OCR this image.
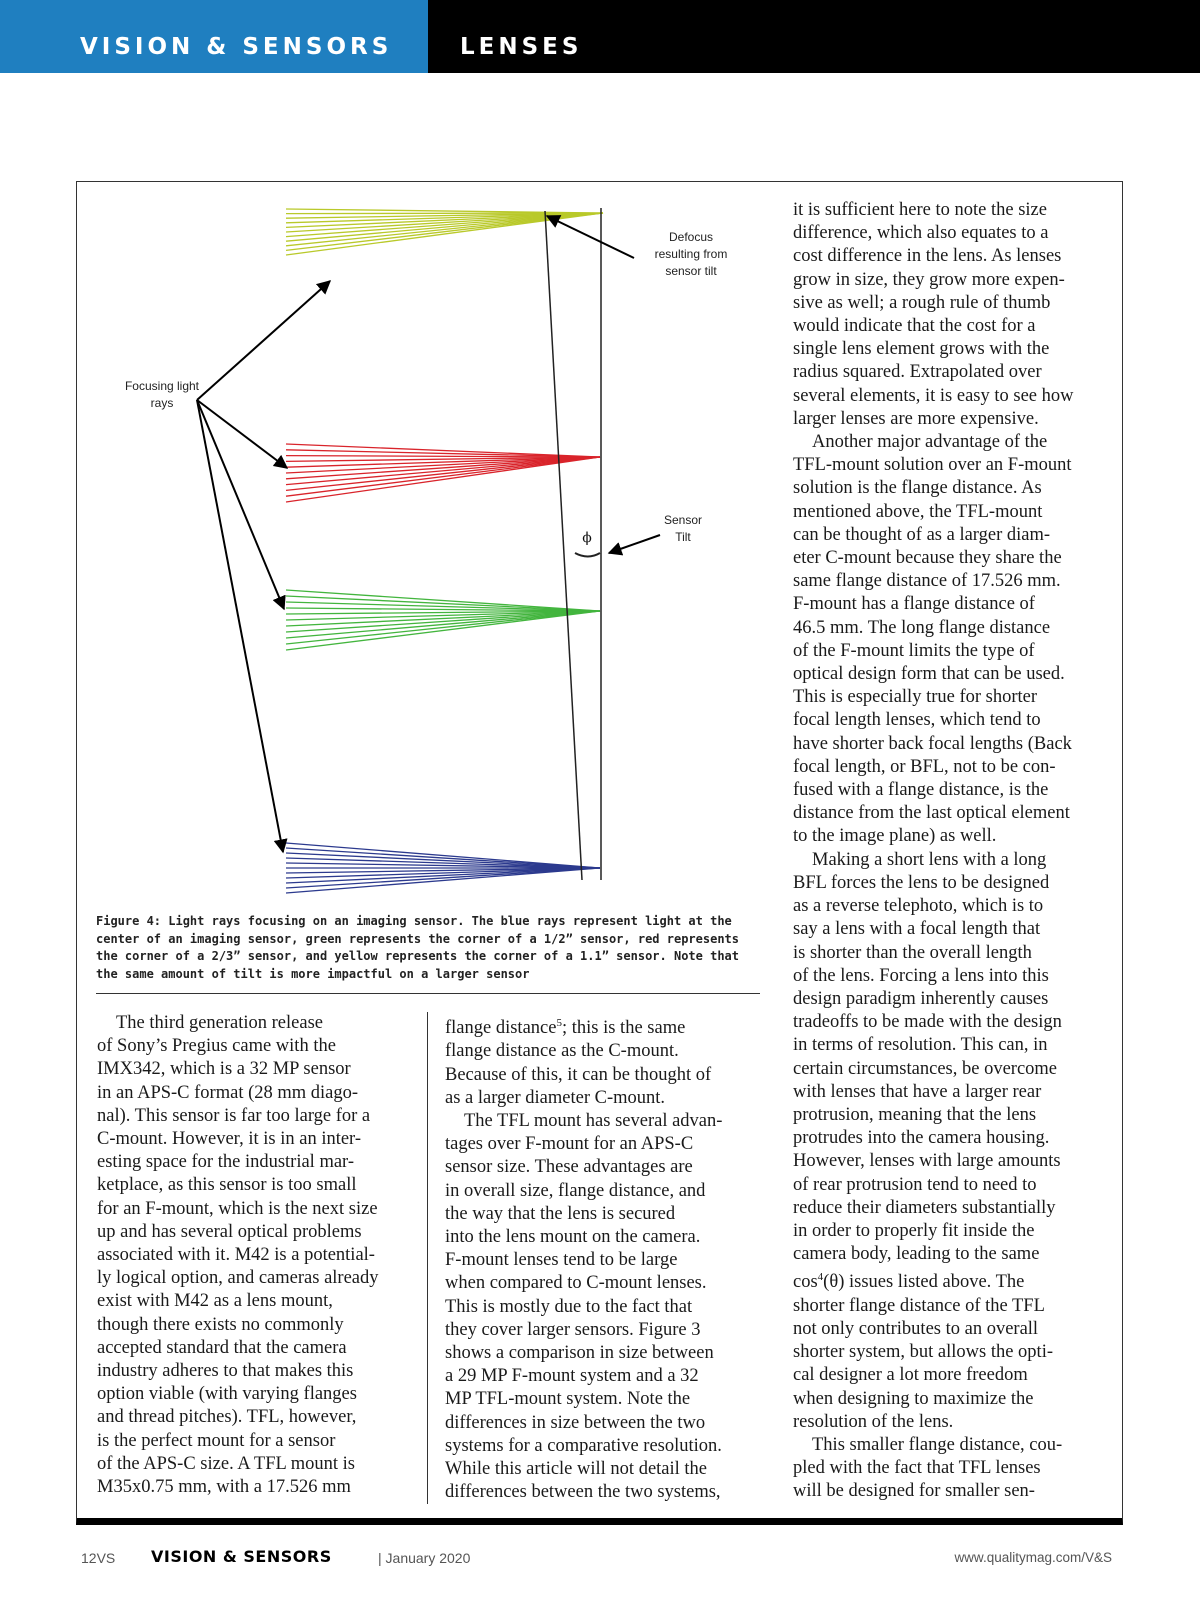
VISION & SENSORS	LENSES
Focusing light
rays
Defocus
resulting from
sensor tilt
Sensor
Tilt
ϕ
Figure 4: Light rays focusing on an imaging sensor. The blue rays represent light at the center of an imaging sensor, green represents the corner of a 1/2” sensor, red represents the corner of a 2/3” sensor, and yellow represents the corner of a 1.1” sensor. Note that the same amount of tilt is more impactful on a larger sensor

The third generation release

of Sony’s Pregius came with the

IMX342, which is a 32 MP sensor

in an APS-C format (28 mm diago-

nal). This sensor is far too large for a

C-mount. However, it is in an inter-

esting space for the industrial mar-

ketplace, as this sensor is too small

for an F-mount, which is the next size

up and has several optical problems

associated with it. M42 is a potential-

ly logical option, and cameras already

exist with M42 as a lens mount,

though there exists no commonly

accepted standard that the camera

industry adheres to that makes this

option viable (with varying flanges

and thread pitches). TFL, however,

is the perfect mount for a sensor

of the APS-C size. A TFL mount is

M35x0.75 mm, with a 17.526 mm

flange distance$^5$; this is the same

flange distance as the C-mount.

Because of this, it can be thought of

as a larger diameter C-mount.

The TFL mount has several advan-

tages over F-mount for an APS-C

sensor size. These advantages are

in overall size, flange distance, and

the way that the lens is secured

into the lens mount on the camera.

F-mount lenses tend to be large

when compared to C-mount lenses.

This is mostly due to the fact that

they cover larger sensors. Figure 3

shows a comparison in size between

a 29 MP F-mount system and a 32

MP TFL-mount system. Note the

differences in size between the two

systems for a comparative resolution.

While this article will not detail the

differences between the two systems,

it is sufficient here to note the size

difference, which also equates to a

cost difference in the lens. As lenses

grow in size, they grow more expen-

sive as well; a rough rule of thumb

would indicate that the cost for a

single lens element grows with the

radius squared. Extrapolated over

several elements, it is easy to see how

larger lenses are more expensive.

Another major advantage of the

TFL-mount solution over an F-mount

solution is the flange distance. As

mentioned above, the TFL-mount

can be thought of as a larger diam-

eter C-mount because they share the

same flange distance of 17.526 mm.

F-mount has a flange distance of

46.5 mm. The long flange distance

of the F-mount limits the type of

optical design form that can be used.

This is especially true for shorter

focal length lenses, which tend to

have shorter back focal lengths (Back

focal length, or BFL, not to be con-

fused with a flange distance, is the

distance from the last optical element

to the image plane) as well.

Making a short lens with a long

BFL forces the lens to be designed

as a reverse telephoto, which is to

say a lens with a focal length that

is shorter than the overall length

of the lens. Forcing a lens into this

design paradigm inherently causes

tradeoffs to be made with the design

in terms of resolution. This can, in

certain circumstances, be overcome

with lenses that have a larger rear

protrusion, meaning that the lens

protrudes into the camera housing.

However, lenses with large amounts

of rear protrusion tend to need to

reduce their diameters substantially

in order to properly fit inside the

camera body, leading to the same

$\cos^4(\theta)$ issues listed above. The

shorter flange distance of the TFL

not only contributes to an overall

shorter system, but allows the opti-

cal designer a lot more freedom

when designing to maximize the

resolution of the lens.

This smaller flange distance, cou-

pled with the fact that TFL lenses

will be designed for smaller sen-

12VS VISION & SENSORS	| January 2020	www.qualitymag.com/V&S
